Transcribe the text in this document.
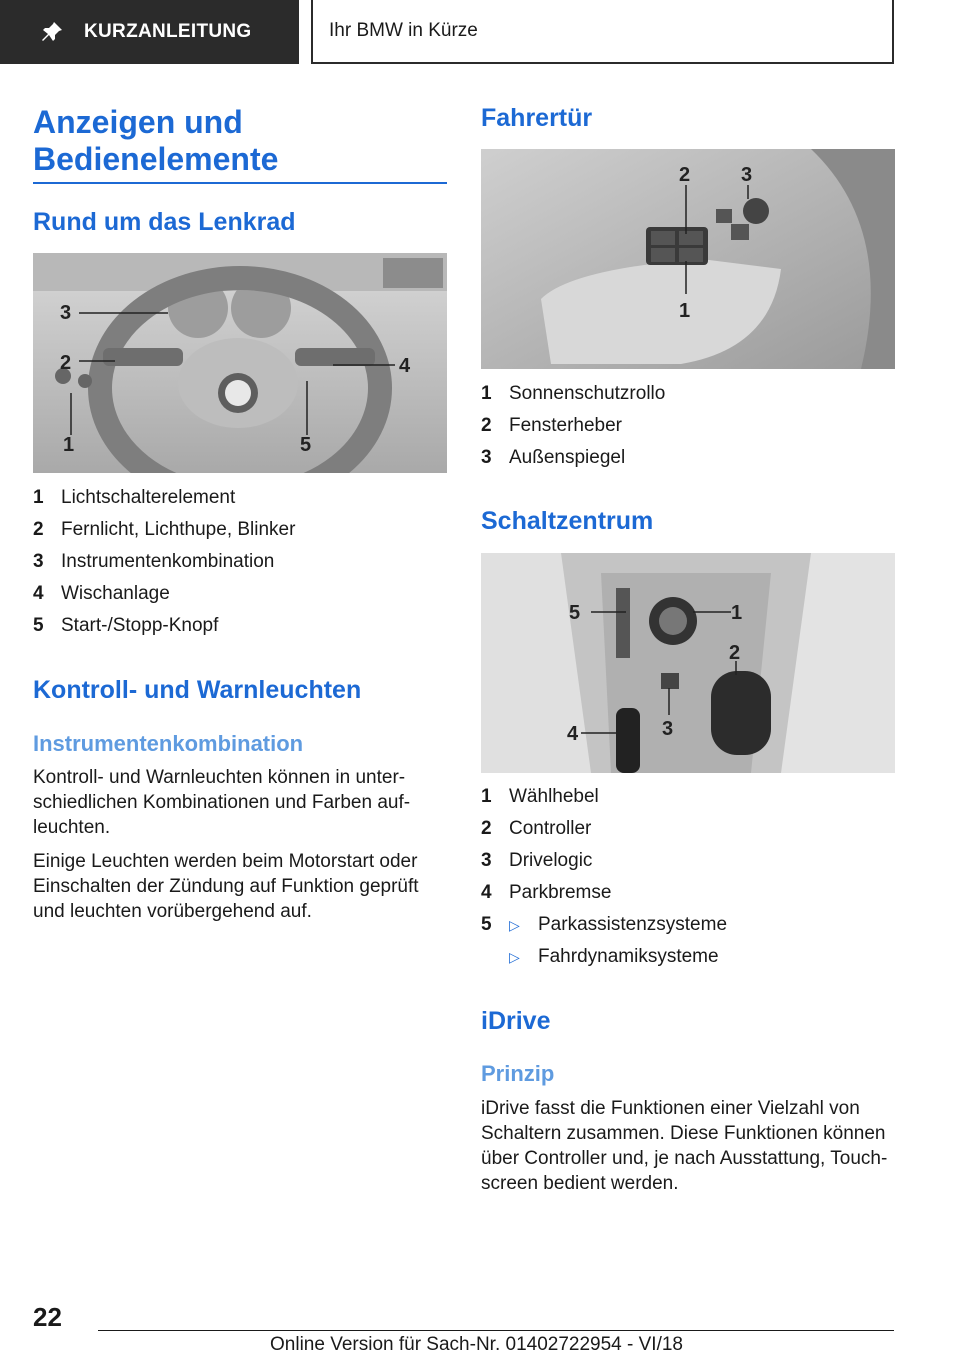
KURZANLEITUNG	Ihr BMW in Kürze
Anzeigen und
Bedienelemente
Rund um das Lenkrad
3
2
1
4
5
1 Lichtschalterelement
2 Fernlicht, Lichthupe, Blinker
3 Instrumentenkombination
4 Wischanlage
5 Start-/Stopp-Knopf
Kontroll- und Warnleuchten
Instrumentenkombination
Kontroll- und Warnleuchten können in unter-
schiedlichen Kombinationen und Farben auf-
leuchten.
Einige Leuchten werden beim Motorstart oder
Einschalten der Zündung auf Funktion geprüft
und leuchten vorübergehend auf.
Fahrertür
2	3
1
1 Sonnenschutzrollo
2 Fensterheber
3 Außenspiegel
Schaltzentrum
5	1
2
4	3
1 Wählhebel
2 Controller
3 Drivelogic
4 Parkbremse
5	▷ Parkassistenzsysteme
▷ Fahrdynamiksysteme
iDrive
Prinzip
iDrive fasst die Funktionen einer Vielzahl von
Schaltern zusammen. Diese Funktionen können
über Controller und, je nach Ausstattung, Touch-
screen bedient werden.
22
Online Version für Sach-Nr. 01402722954 - VI/18
